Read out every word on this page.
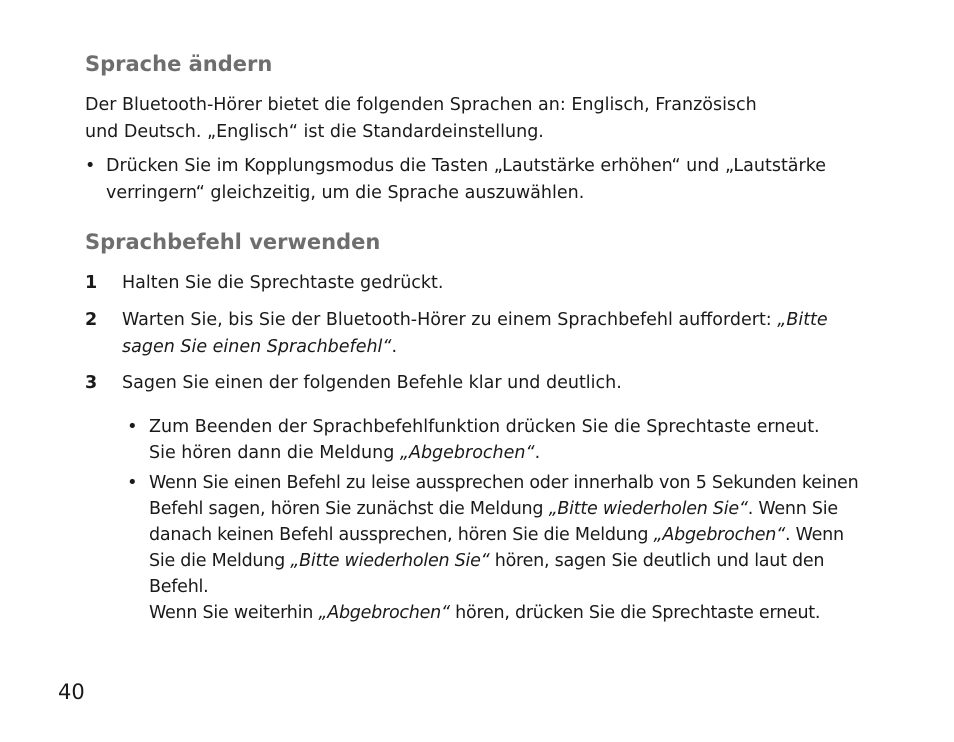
Sprache ändern
Der Bluetooth-Hörer bietet die folgenden Sprachen an: Englisch, Französisch
und Deutsch. „Englisch“ ist die Standardeinstellung.
• Drücken Sie im Kopplungsmodus die Tasten „Lautstärke erhöhen“ und „Lautstärke
verringern“ gleichzeitig, um die Sprache auszuwählen.
Sprachbefehl verwenden
1 Halten Sie die Sprechtaste gedrückt.
2 Warten Sie, bis Sie der Bluetooth-Hörer zu einem Sprachbefehl auffordert: „Bitte
sagen Sie einen Sprachbefehl“.
3 Sagen Sie einen der folgenden Befehle klar und deutlich.
• Zum Beenden der Sprachbefehlfunktion drücken Sie die Sprechtaste erneut.
Sie hören dann die Meldung „Abgebrochen“.
• Wenn Sie einen Befehl zu leise aussprechen oder innerhalb von 5 Sekunden keinen
Befehl sagen, hören Sie zunächst die Meldung „Bitte wiederholen Sie“. Wenn Sie
danach keinen Befehl aussprechen, hören Sie die Meldung „Abgebrochen“. Wenn
Sie die Meldung „Bitte wiederholen Sie“ hören, sagen Sie deutlich und laut den
Befehl.
Wenn Sie weiterhin „Abgebrochen“ hören, drücken Sie die Sprechtaste erneut.
40
